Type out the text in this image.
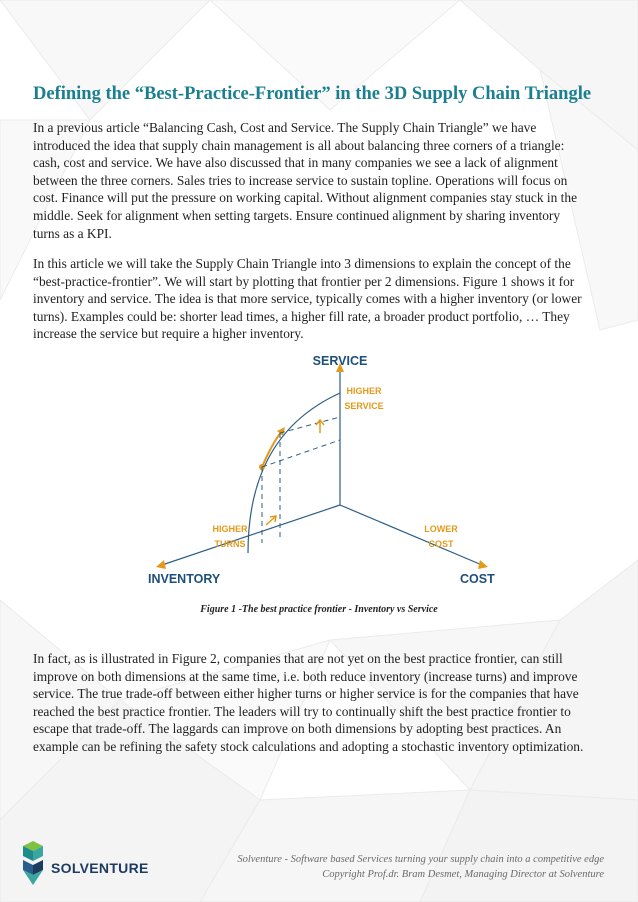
Defining the “Best-Practice-Frontier” in the 3D Supply Chain Triangle
In a previous article “Balancing Cash, Cost and Service. The Supply Chain Triangle” we have
introduced the idea that supply chain management is all about balancing three corners of a triangle:
cash, cost and service. We have also discussed that in many companies we see a lack of alignment
between the three corners. Sales tries to increase service to sustain topline. Operations will focus on
cost. Finance will put the pressure on working capital. Without alignment companies stay stuck in the
middle. Seek for alignment when setting targets. Ensure continued alignment by sharing inventory
turns as a KPI.
In this article we will take the Supply Chain Triangle into 3 dimensions to explain the concept of the
“best-practice-frontier”. We will start by plotting that frontier per 2 dimensions. Figure 1 shows it for
inventory and service. The idea is that more service, typically comes with a higher inventory (or lower
turns). Examples could be: shorter lead times, a higher fill rate, a broader product portfolio, … They
increase the service but require a higher inventory.
SERVICE
INVENTORY	COST
HIGHER
SERVICE
HIGHER
TURNS
LOWER
COST
Figure 1 -The best practice frontier - Inventory vs Service
In fact, as is illustrated in Figure 2, companies that are not yet on the best practice frontier, can still
improve on both dimensions at the same time, i.e. both reduce inventory (increase turns) and improve
service. The true trade-off between either higher turns or higher service is for the companies that have
reached the best practice frontier. The leaders will try to continually shift the best practice frontier to
escape that trade-off. The laggards can improve on both dimensions by adopting best practices. An
example can be refining the safety stock calculations and adopting a stochastic inventory optimization.
SOLVENTURE
Solventure - Software based Services turning your supply chain into a competitive edge
Copyright Prof.dr. Bram Desmet, Managing Director at Solventure
